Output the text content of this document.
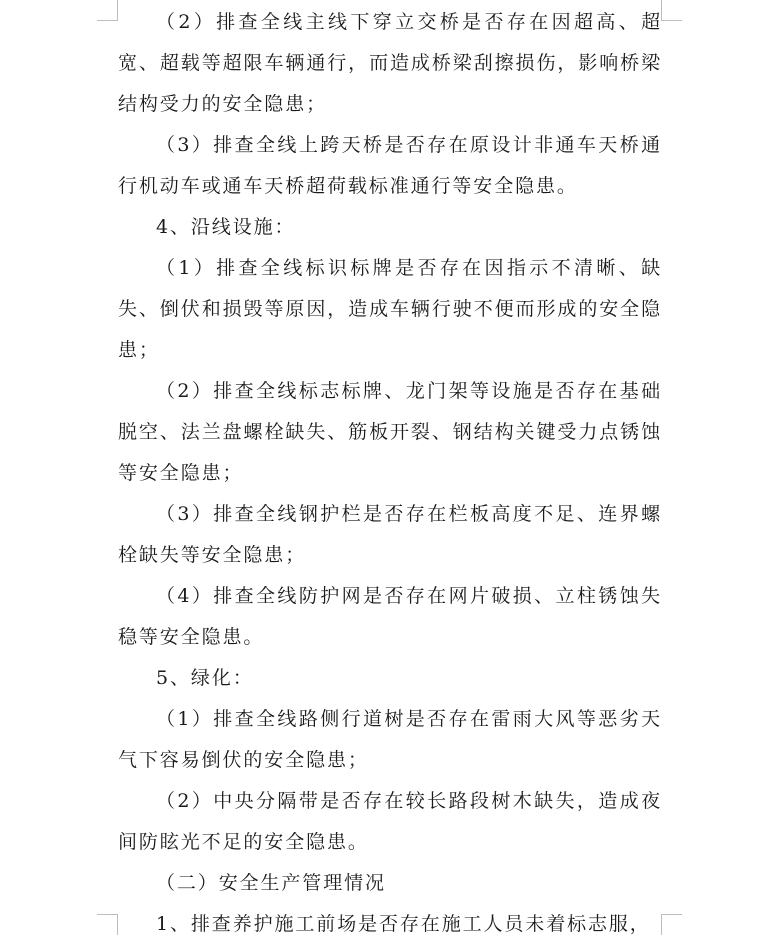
（2）排查全线主线下穿立交桥是否存在因超高、超宽、超载等超限车辆通行，而造成桥梁刮擦损伤，影响桥梁结构受力的安全隐患；

（3）排查全线上跨天桥是否存在原设计非通车天桥通行机动车或通车天桥超荷载标准通行等安全隐患。

4、沿线设施：

（1）排查全线标识标牌是否存在因指示不清晰、缺失、倒伏和损毁等原因，造成车辆行驶不便而形成的安全隐患；

（2）排查全线标志标牌、龙门架等设施是否存在基础脱空、法兰盘螺栓缺失、筋板开裂、钢结构关键受力点锈蚀等安全隐患；

（3）排查全线钢护栏是否存在栏板高度不足、连界螺栓缺失等安全隐患；

（4）排查全线防护网是否存在网片破损、立柱锈蚀失稳等安全隐患。

5、绿化：

（1）排查全线路侧行道树是否存在雷雨大风等恶劣天气下容易倒伏的安全隐患；

（2）中央分隔带是否存在较长路段树木缺失，造成夜间防眩光不足的安全隐患。

（二）安全生产管理情况

1、排查养护施工前场是否存在施工人员未着标志服，
